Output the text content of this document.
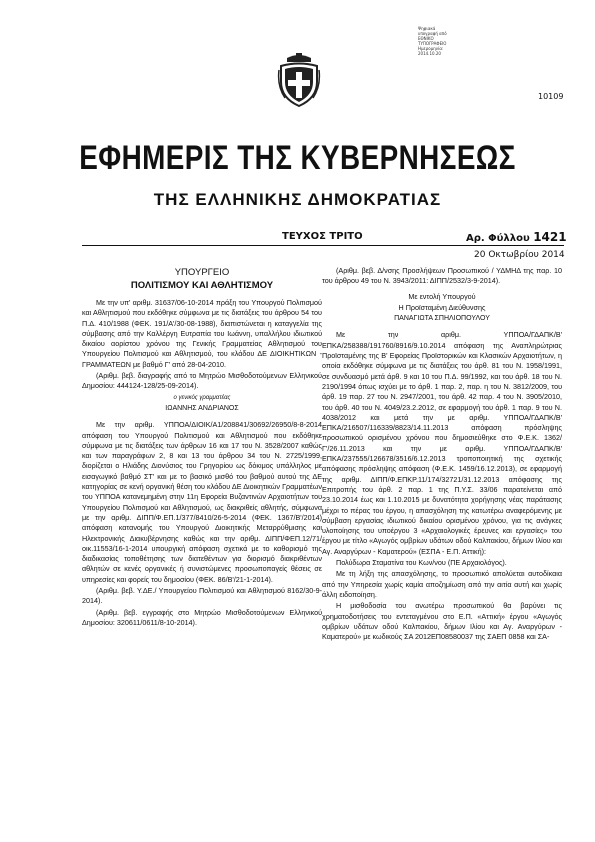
Ψηφιακά
υπογραφή από
ΕΘΝΙΚΟ
ΤΥΠΟΓΡΑΦΕΙΟ
Ημερομηνία:
2014.10.20
10109
ΕΦΗΜΕΡΙΣ ΤΗΣ ΚΥΒΕΡΝΗΣΕΩΣ
ΤΗΣ ΕΛΛΗΝΙΚΗΣ ΔΗΜΟΚΡΑΤΙΑΣ
ΤΕΥΧΟΣ ΤΡΙΤΟ	Αρ. Φύλλου 1421
20 Οκτωβρίου 2014
ΥΠΟΥΡΓΕΙΟ
ΠΟΛΙΤΙΣΜΟΥ ΚΑΙ ΑΘΛΗΤΙΣΜΟΥ

Με την υπ' αριθμ. 31637/06-10-2014 πράξη του Υπουργού Πολιτισμού και Αθλητισμού που εκδόθηκε σύμφωνα με τις διατάξεις του άρθρου 54 του Π.Δ. 410/1988 (ΦΕΚ. 191/Α'/30-08-1988), διαπιστώνεται η καταγγελία της σύμβασης από την Καλλέργη Ευτραπία του Ιωάννη, υπαλλήλου ιδιωτικού δικαίου αορίστου χρόνου της Γενικής Γραμματείας Αθλητισμού του Υπουργείου Πολιτισμού και Αθλητισμού, του κλάδου ΔΕ ΔΙΟΙΚΗΤΙΚΩΝ - ΓΡΑΜΜΑΤΕΩΝ με βαθμό Γ' από 28-04-2010.

(Αριθμ. βεβ. διαγραφής από το Μητρώο Μισθοδοτούμενων Ελληνικού Δημοσίου: 444124-128/25-09-2014).

ο γενικός γραμματέας

ΙΩΑΝΝΗΣ ΑΝΔΡΙΑΝΟΣ

Με την αριθμ. ΥΠΠΟΑ/ΔΙΟΙΚ/Α1/208841/30692/26950/8-8-2014 απόφαση του Υπουργού Πολιτισμού και Αθλητισμού που εκδόθηκε σύμφωνα με τις διατάξεις των άρθρων 16 και 17 του Ν. 3528/2007 καθώς και των παραγράφων 2, 8 και 13 του άρθρου 34 του Ν. 2725/1999, διορίζεται ο Ηλιάδης Διονύσιος του Γρηγορίου ως δόκιμος υπάλληλος με εισαγωγικό βαθμό ΣΤ' και με το βασικό μισθό του βαθμού αυτού της ΔΕ κατηγορίας σε κενή οργανική θέση του κλάδου ΔΕ Διοικητικών Γραμματέων του ΥΠΠΟΑ κατανεμημένη στην 11η Εφορεία Βυζαντινών Αρχαιοτήτων του Υπουργείου Πολιτισμού και Αθλητισμού, ως διακριθείς αθλητής, σύμφωνα με την αριθμ. ΔΙΠΠ/Φ.ΕΠ.1/377/8410/26-5-2014 (ΦΕΚ. 1367/Β'/2014) απόφαση κατανομής του Υπουργού Διοικητικής Μεταρρύθμισης και Ηλεκτρονικής Διακυβέρνησης καθώς και την αριθμ. ΔΙΠΠ/ΦΕΠ.12/71/οικ.11553/16-1-2014 υπουργική απόφαση σχετικά με το καθορισμό της διαδικασίας τοποθέτησης των διατεθέντων για διορισμό διακριθέντων αθλητών σε κενές οργανικές ή συνιστώμενες προσωποπαγείς θέσεις σε υπηρεσίες και φορείς του δημοσίου (ΦΕΚ. 86/Β'/21-1-2014).

(Αριθμ. βεβ. Υ.ΔΕ./ Υπουργείου Πολιτισμού και Αθλητισμού 8162/30-9-2014).

(Αριθμ. βεβ. εγγραφής στο Μητρώο Μισθοδοτούμενων Ελληνικού Δημοσίου: 320611/0611/8-10-2014).

(Αριθμ. βεβ. Δ/νσης Προσλήψεων Προσωπικού / ΥΔΜΗΔ της παρ. 10 του άρθρου 49 του Ν. 3943/2011: ΔΙΠΠ/2532/3-9-2014).

Με εντολή Υπουργού

Η Προϊσταμένη Διεύθυνσης

ΠΑΝΑΓΙΩΤΑ ΣΠΗΛΙΟΠΟΥΛΟΥ

Με την αριθμ. ΥΠΠΟΑ/ΓΔΑΠΚ/Β' ΕΠΚΑ/258388/191760/8916/9.10.2014 απόφαση της Αναπληρώτριας Προϊσταμένης της Β' Εφορείας Προϊστορικών και Κλασικών Αρχαιοτήτων, η οποία εκδόθηκε σύμφωνα με τις διατάξεις του άρθ. 81 του Ν. 1958/1991, σε συνδυασμό μετά άρθ. 9 και 10 του Π.Δ. 99/1992, και του άρθ. 18 του Ν. 2190/1994 όπως ισχύει με το άρθ. 1 παρ. 2, παρ. η του Ν. 3812/2009, του άρθ. 19 παρ. 27 του Ν. 2947/2001, του άρθ. 42 παρ. 4 του Ν. 3905/2010, του άρθ. 40 του Ν. 4049/23.2.2012, σε εφαρμογή του άρθ. 1 παρ. 9 του Ν. 4038/2012 και μετά την με αριθμ. ΥΠΠΟΑ/ΓΔΑΠΚ/Β' ΕΠΚΑ/216507/116339/8823/14.11.2013 απόφαση πρόσληψης προσωπικού ορισμένου χρόνου που δημοσιεύθηκε στο Φ.Ε.Κ. 1362/Γ'/26.11.2013 και την με αριθμ. ΥΠΠΟΑ/ΓΔΑΠΚ/Β' ΕΠΚΑ/237555/126678/3516/6.12.2013 τροποποιητική της σχετικής απόφασης πρόσληψης απόφαση (Φ.Ε.Κ. 1459/16.12.2013), σε εφαρμογή της αριθμ. ΔΙΠΠ/Φ.ΕΠΚΡ.11/174/32721/31.12.2013 απόφασης της Επιτροπής του άρθ. 2 παρ. 1 της Π.Υ.Σ. 33/06 παρατείνεται από 23.10.2014 έως και 1.10.2015 με δυνατότητα χορήγησης νέας παράτασης μέχρι το πέρας του έργου, η απασχόληση της κατωτέρω αναφερόμενης με σύμβαση εργασίας ιδιωτικού δικαίου ορισμένου χρόνου, για τις ανάγκες υλοποίησης του υποέργου 3 «Αρχαιολογικές έρευνες και εργασίες» του έργου με τίτλο «Αγωγός ομβρίων υδάτων οδού Καλπακίου, δήμων Ιλίου και Αγ. Αναργύρων - Καματερού» (ΕΣΠΑ - Ε.Π. Αττική):

Πολύδωρα Σταματίνα του Κων/νου (ΠΕ Αρχαιολόγος).

Με τη λήξη της απασχόλησης, το προσωπικό απολύεται αυτοδίκαια από την Υπηρεσία χωρίς καμία αποζημίωση από την αιτία αυτή και χωρίς άλλη ειδοποίηση.

Η μισθοδοσία του ανωτέρω προσωπικού θα βαρύνει τις χρηματοδοτήσεις του εντεταγμένου στο Ε.Π. «Αττική» έργου «Αγωγός ομβρίων υδάτων οδού Καλπακίου, δήμων Ιλίου και Αγ. Αναργύρων - Καματερού» με κωδικούς ΣΑ 2012ΕΠ08580037 της ΣΑΕΠ 0858 και ΣΑ-
